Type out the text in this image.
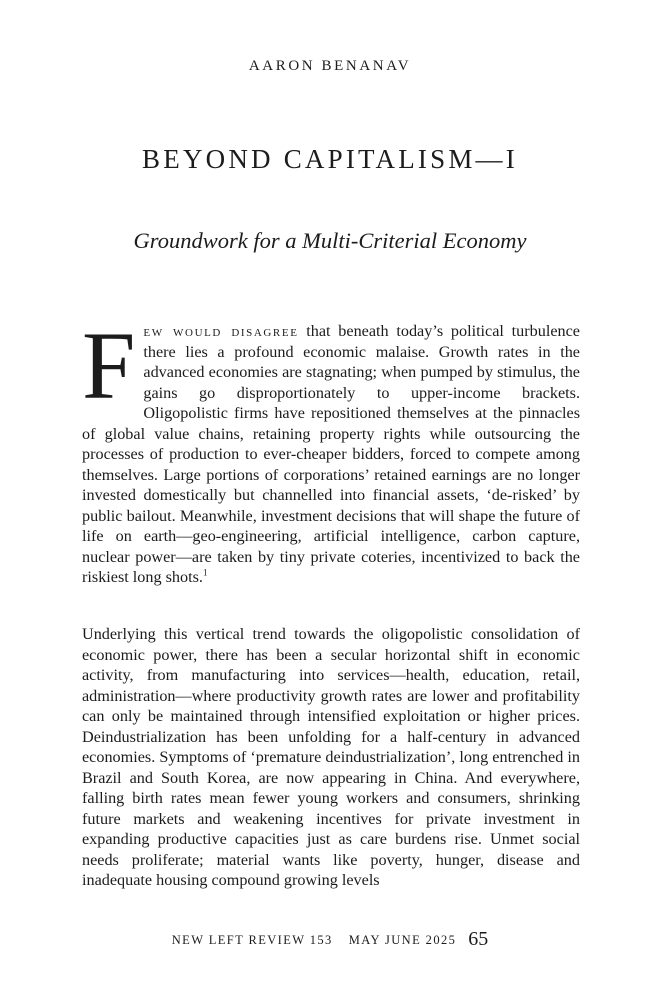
AARON BENANAV
BEYOND CAPITALISM—I
Groundwork for a Multi-Criterial Economy
Few would disagree that beneath today’s political turbulence there lies a profound economic malaise. Growth rates in the advanced economies are stagnating; when pumped by stimulus, the gains go disproportionately to upper-income brackets. Oligopolistic firms have repositioned themselves at the pinnacles of global value chains, retaining property rights while outsourcing the processes of production to ever-cheaper bidders, forced to compete among themselves. Large portions of corporations’ retained earnings are no longer invested domestically but channelled into financial assets, ‘de-risked’ by public bailout. Meanwhile, investment decisions that will shape the future of life on earth—geo-engineering, artificial intelligence, carbon capture, nuclear power—are taken by tiny private coteries, incentivized to back the riskiest long shots.$^1$
Underlying this vertical trend towards the oligopolistic consolidation of economic power, there has been a secular horizontal shift in economic activity, from manufacturing into services—health, education, retail, administration—where productivity growth rates are lower and profitability can only be maintained through intensified exploitation or higher prices. Deindustrialization has been unfolding for a half-century in advanced economies. Symptoms of ‘premature deindustrialization’, long entrenched in Brazil and South Korea, are now appearing in China. And everywhere, falling birth rates mean fewer young workers and consumers, shrinking future markets and weakening incentives for private investment in expanding productive capacities just as care burdens rise. Unmet social needs proliferate; material wants like poverty, hunger, disease and inadequate housing compound growing levels
NEW LEFT REVIEW 153 MAY JUNE 2025 65
